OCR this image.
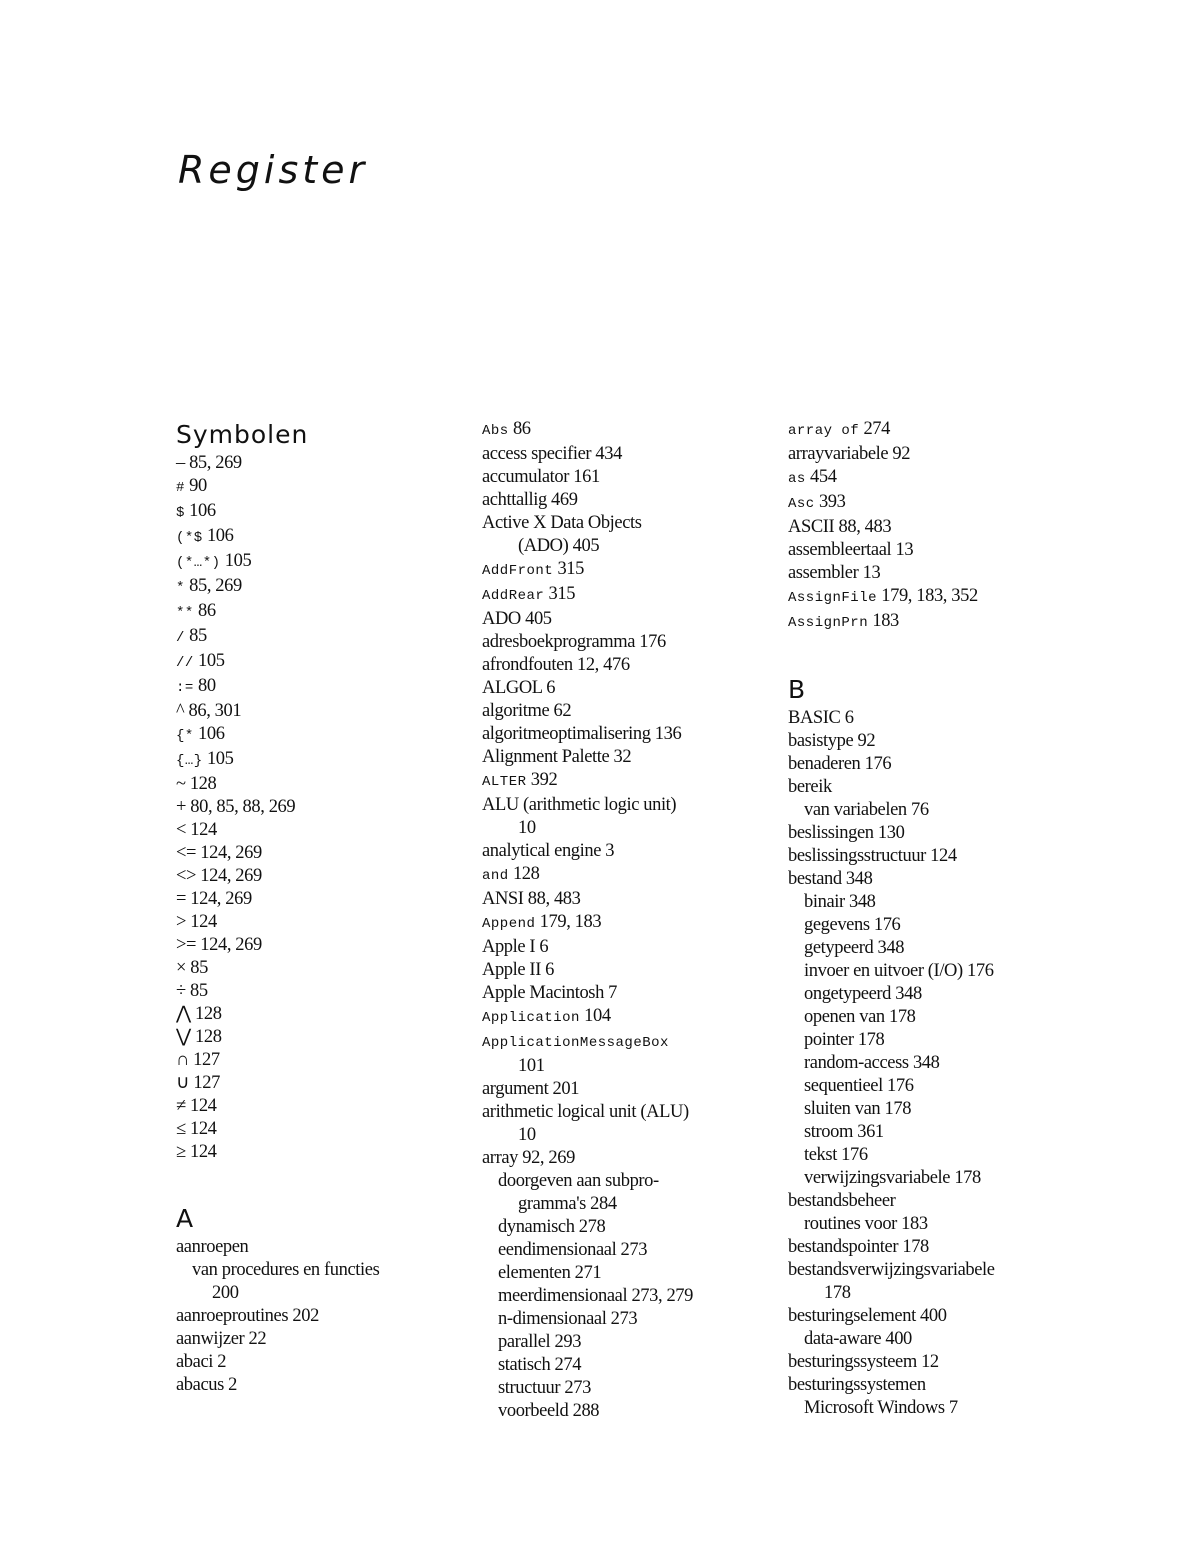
Register
Symbolen
– 85, 269
# 90
$ 106
(*$ 106
(*…*) 105
* 85, 269
** 86
/ 85
// 105
:= 80
^ 86, 301
{* 106
{…} 105
~ 128
+ 80, 85, 88, 269
< 124
<= 124, 269
<> 124, 269
= 124, 269
> 124
>= 124, 269
× 85
÷ 85
⋀ 128
⋁ 128
∩ 127
∪ 127
≠ 124
≤ 124
≥ 124
A
aanroepen
van procedures en functies
200
aanroeproutines 202
aanwijzer 22
abaci 2
abacus 2
Abs 86
access specifier 434
accumulator 161
achttallig 469
Active X Data Objects
(ADO) 405
AddFront 315
AddRear 315
ADO 405
adresboekprogramma 176
afrondfouten 12, 476
ALGOL 6
algoritme 62
algoritmeoptimalisering 136
Alignment Palette 32
ALTER 392
ALU (arithmetic logic unit)
10
analytical engine 3
and 128
ANSI 88, 483
Append 179, 183
Apple I 6
Apple II 6
Apple Macintosh 7
Application 104
ApplicationMessageBox
101
argument 201
arithmetic logical unit (ALU)
10
array 92, 269
doorgeven aan subpro-
gramma's 284
dynamisch 278
eendimensionaal 273
elementen 271
meerdimensionaal 273, 279
n-dimensionaal 273
parallel 293
statisch 274
structuur 273
voorbeeld 288
array of 274
arrayvariabele 92
as 454
Asc 393
ASCII 88, 483
assembleertaal 13
assembler 13
AssignFile 179, 183, 352
AssignPrn 183
B
BASIC 6
basistype 92
benaderen 176
bereik
van variabelen 76
beslissingen 130
beslissingsstructuur 124
bestand 348
binair 348
gegevens 176
getypeerd 348
invoer en uitvoer (I/O) 176
ongetypeerd 348
openen van 178
pointer 178
random-access 348
sequentieel 176
sluiten van 178
stroom 361
tekst 176
verwijzingsvariabele 178
bestandsbeheer
routines voor 183
bestandspointer 178
bestandsverwijzingsvariabele
178
besturingselement 400
data-aware 400
besturingssysteem 12
besturingssystemen
Microsoft Windows 7
